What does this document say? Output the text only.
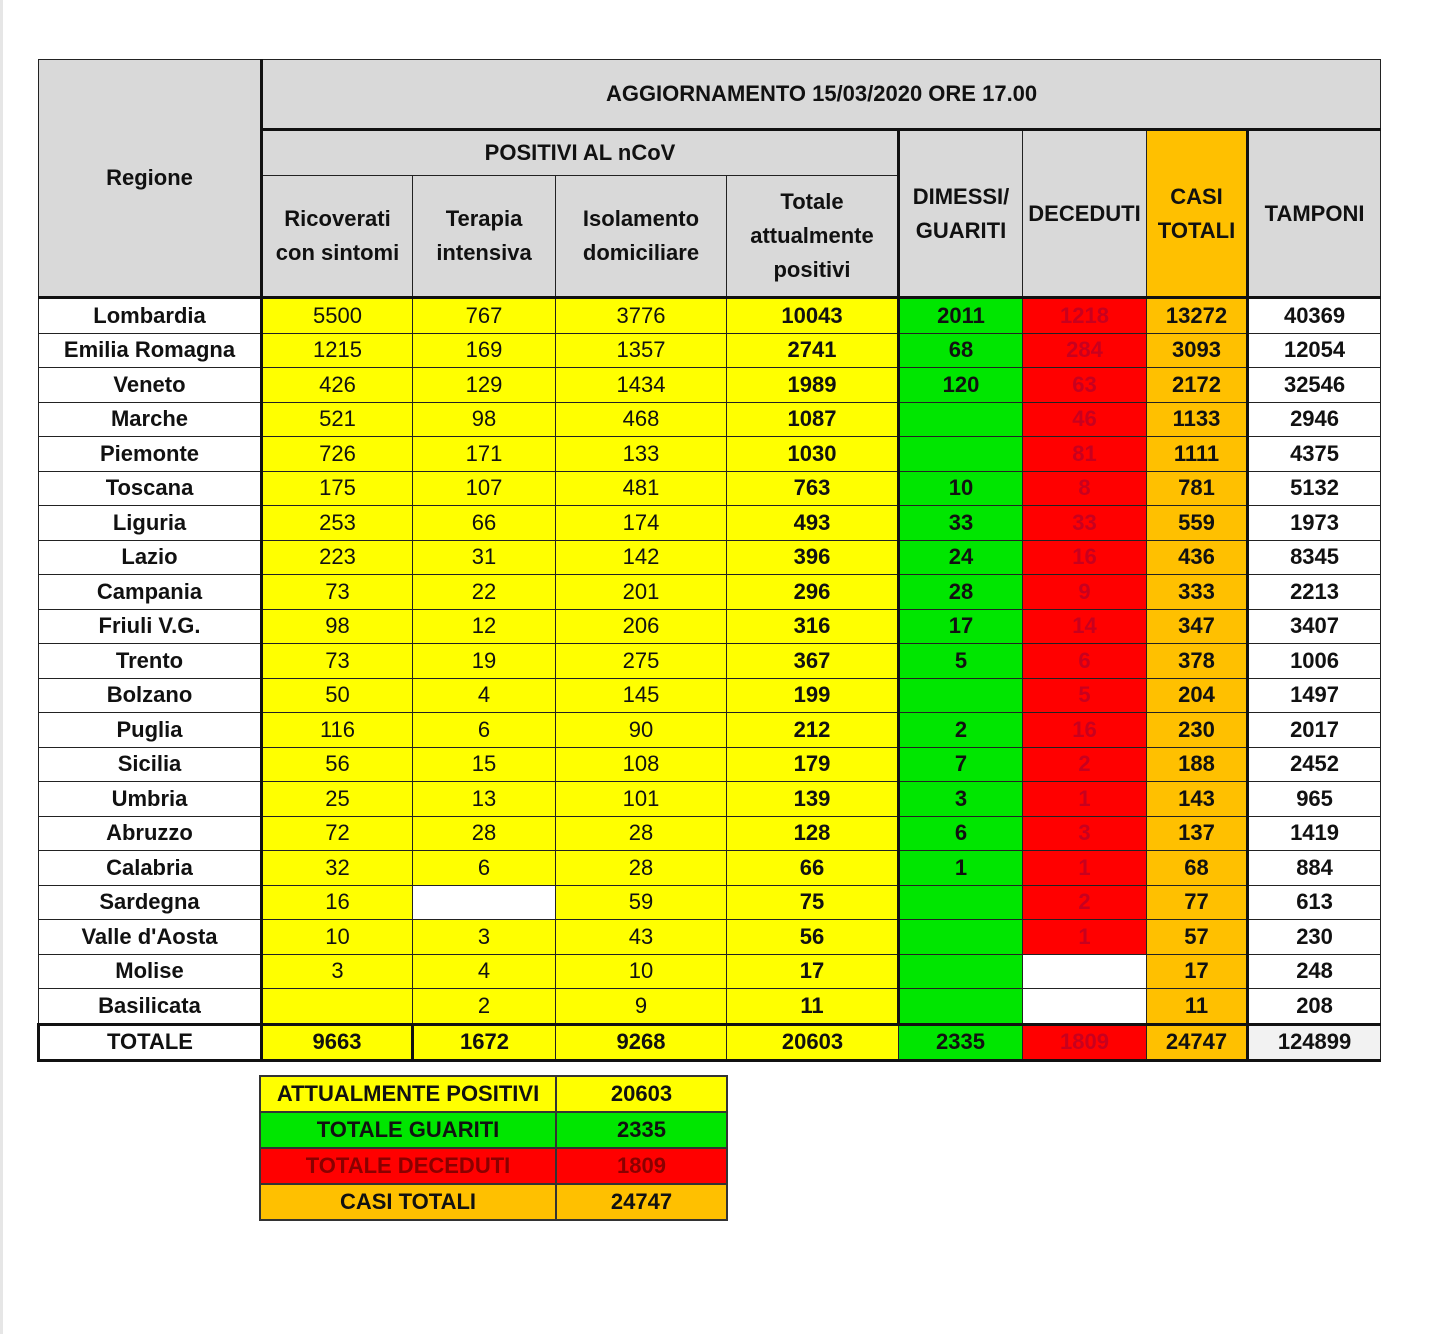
Regione	AGGIORNAMENTO 15/03/2020 ORE 17.00							
	POSITIVI AL nCoV				DIMESSI/ GUARITI	DECEDUTI	CASI TOTALI	TAMPONI
	Ricoverati con sintomi	Terapia intensiva	Isolamento domiciliare	Totale attualmente positivi				
Lombardia	5500	767	3776	10043	2011	1218	13272	40369
Emilia Romagna	1215	169	1357	2741	68	284	3093	12054
Veneto	426	129	1434	1989	120	63	2172	32546
Marche	521	98	468	1087		46	1133	2946
Piemonte	726	171	133	1030		81	1111	4375
Toscana	175	107	481	763	10	8	781	5132
Liguria	253	66	174	493	33	33	559	1973
Lazio	223	31	142	396	24	16	436	8345
Campania	73	22	201	296	28	9	333	2213
Friuli V.G.	98	12	206	316	17	14	347	3407
Trento	73	19	275	367	5	6	378	1006
Bolzano	50	4	145	199		5	204	1497
Puglia	116	6	90	212	2	16	230	2017
Sicilia	56	15	108	179	7	2	188	2452
Umbria	25	13	101	139	3	1	143	965
Abruzzo	72	28	28	128	6	3	137	1419
Calabria	32	6	28	66	1	1	68	884
Sardegna	16		59	75		2	77	613
Valle d'Aosta	10	3	43	56		1	57	230
Molise	3	4	10	17			17	248
Basilicata		2	9	11			11	208
TOTALE	9663	1672	9268	20603	2335	1809	24747	124899
ATTUALMENTE POSITIVI	20603
TOTALE GUARITI	2335
TOTALE DECEDUTI	1809
CASI TOTALI	24747
